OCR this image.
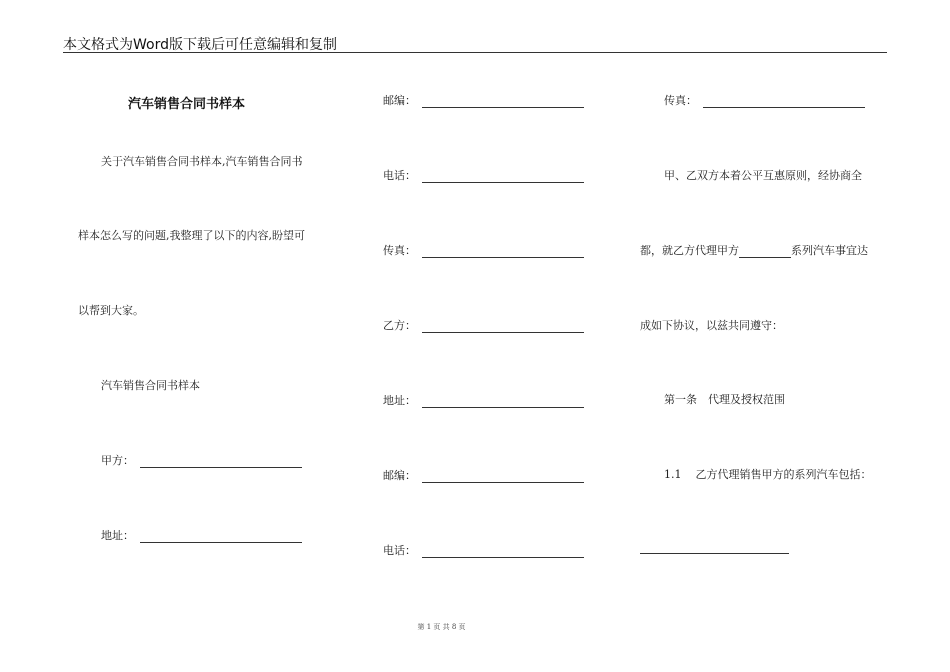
本文格式为Word版下载后可任意编辑和复制
汽车销售合同书样本
关于汽车销售合同书样本,汽车销售合同书
样本怎么写的问题,我整理了以下的内容,盼望可
以帮到大家。
汽车销售合同书样本
甲方：
地址：
邮编：
电话：
传真：
乙方：
地址：
邮编：
电话：
传真：
甲、乙双方本着公平互惠原则，经协商全
都，就乙方代理甲方	系列汽车事宜达
成如下协议，以兹共同遵守：
第一条　代理及授权范围
1.1 乙方代理销售甲方的系列汽车包括：
第 1 页 共 8 页
